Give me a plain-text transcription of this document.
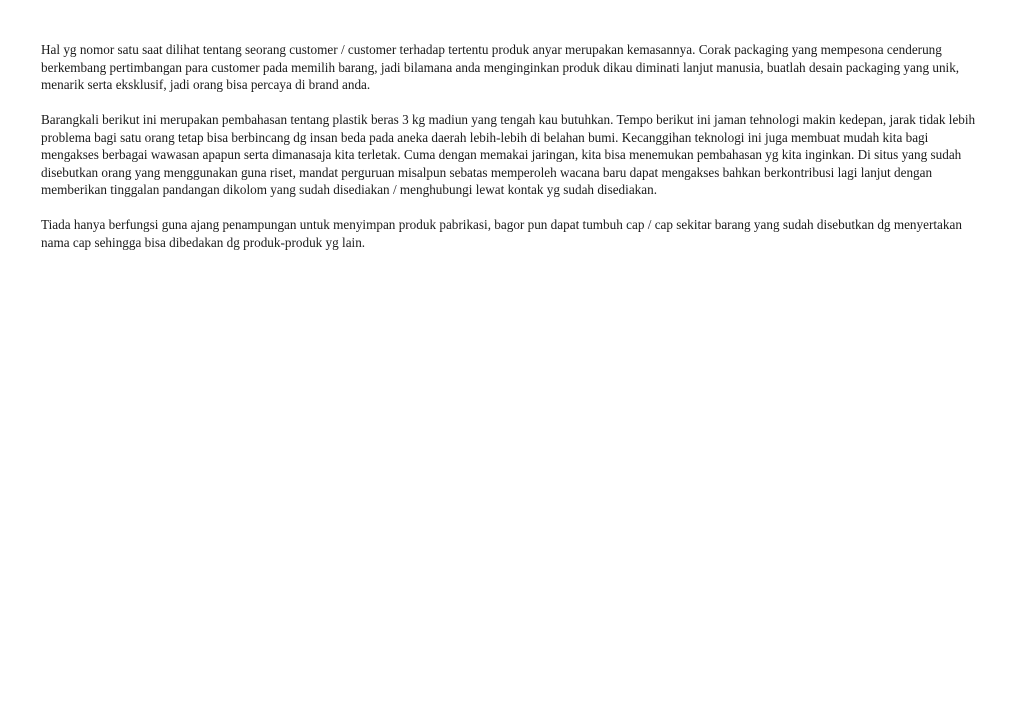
Hal yg nomor satu saat dilihat tentang seorang customer / customer terhadap tertentu produk anyar merupakan kemasannya. Corak packaging yang mempesona cenderung berkembang pertimbangan para customer pada memilih barang, jadi bilamana anda menginginkan produk dikau diminati lanjut manusia, buatlah desain packaging yang unik, menarik serta eksklusif, jadi orang bisa percaya di brand anda.

Barangkali berikut ini merupakan pembahasan tentang plastik beras 3 kg madiun yang tengah kau butuhkan. Tempo berikut ini jaman tehnologi makin kedepan, jarak tidak lebih problema bagi satu orang tetap bisa berbincang dg insan beda pada aneka daerah lebih-lebih di belahan bumi. Kecanggihan teknologi ini juga membuat mudah kita bagi mengakses berbagai wawasan apapun serta dimanasaja kita terletak. Cuma dengan memakai jaringan, kita bisa menemukan pembahasan yg kita inginkan. Di situs yang sudah disebutkan orang yang menggunakan guna riset, mandat perguruan misalpun sebatas memperoleh wacana baru dapat mengakses bahkan berkontribusi lagi lanjut dengan memberikan tinggalan pandangan dikolom yang sudah disediakan / menghubungi lewat kontak yg sudah disediakan.

Tiada hanya berfungsi guna ajang penampungan untuk menyimpan produk pabrikasi, bagor pun dapat tumbuh cap / cap sekitar barang yang sudah disebutkan dg menyertakan nama cap sehingga bisa dibedakan dg produk-produk yg lain.
